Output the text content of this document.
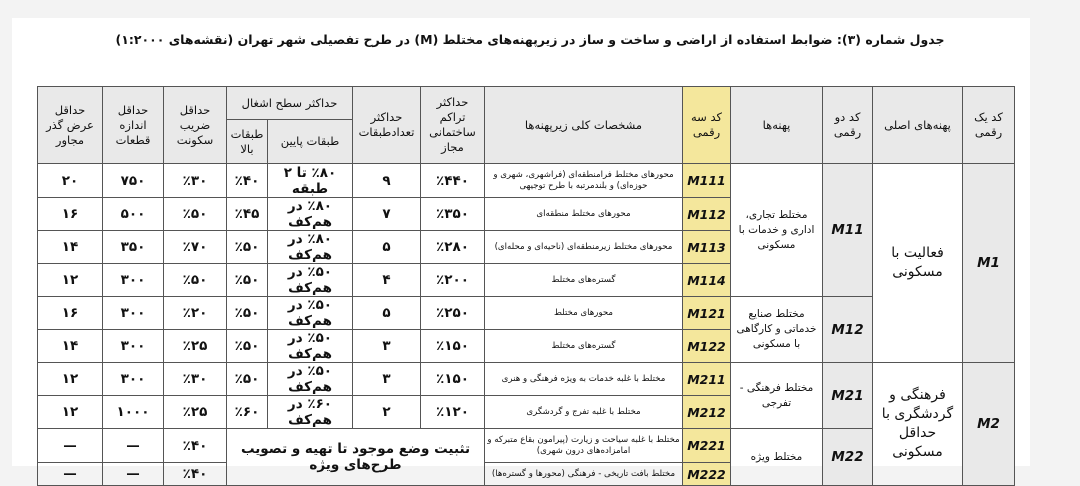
جدول شماره (۳): ضوابط استفاده از اراضی و ساخت و ساز در زیرپهنه‌های مختلط (M) در طرح تفصیلی شهر تهران (نقشه‌های ۱:۲۰۰۰)
کد یک رقمی	پهنه‌های اصلی	کد دو رقمی	پهنه‌ها	کد سه رقمی	مشخصات کلی زیرپهنه‌ها	حداکثر تراکم ساختمانی مجاز	حداکثر تعدادطبقات	حداکثر سطح اشغال		حداقل ضریب سکونت	حداقل اندازه قطعات	حداقل عرض گذر مجاور
								طبقات پایین	طبقات بالا			
M1	فعالیت با مسکونی	M11	مختلط تجاری، اداری و خدمات با مسکونی	M111	محورهای مختلط فرامنطقه‌ای (فراشهری، شهری و حوزه‌ای) و بلندمرتبه با طرح توجیهی	٪۴۴۰	۹	٪۸۰ تا ۲ طبقه	٪۴۰	٪۳۰	۷۵۰	۲۰
				M112	محورهای مختلط منطقه‌ای	٪۳۵۰	۷	٪۸۰ در هم‌کف	٪۴۵	٪۵۰	۵۰۰	۱۶
				M113	محورهای مختلط زیرمنطقه‌ای (ناحیه‌ای و محله‌ای)	٪۲۸۰	۵	٪۸۰ در هم‌کف	٪۵۰	٪۷۰	۳۵۰	۱۴
				M114	گستره‌های مختلط	٪۲۰۰	۴	٪۵۰ در هم‌کف	٪۵۰	٪۵۰	۳۰۰	۱۲
		M12	مختلط صنایع خدماتی و کارگاهی با مسکونی	M121	محورهای مختلط	٪۲۵۰	۵	٪۵۰ در هم‌کف	٪۵۰	٪۲۰	۳۰۰	۱۶
				M122	گستره‌های مختلط	٪۱۵۰	۳	٪۵۰ در هم‌کف	٪۵۰	٪۲۵	۳۰۰	۱۴
M2	فرهنگی و گردشگری با حداقل مسکونی	M21	مختلط فرهنگی - تفرجی	M211	مختلط با غلبه خدمات به ویژه فرهنگی و هنری	٪۱۵۰	۳	٪۵۰ در هم‌کف	٪۵۰	٪۳۰	۳۰۰	۱۲
				M212	مختلط با غلبه تفرج و گردشگری	٪۱۲۰	۲	٪۶۰ در هم‌کف	٪۶۰	٪۲۵	۱۰۰۰	۱۲
		M22	مختلط ویژه	M221	مختلط با غلبه سیاحت و زیارت (پیرامون بقاع متبرکه و امامزاده‌های درون شهری)	تثبیت وضع موجود تا تهیه و تصویب طرح‌های ویژه				٪۴۰	—	—
				M222	مختلط بافت تاریخی - فرهنگی (محورها و گستره‌ها)					٪۴۰	—	—
